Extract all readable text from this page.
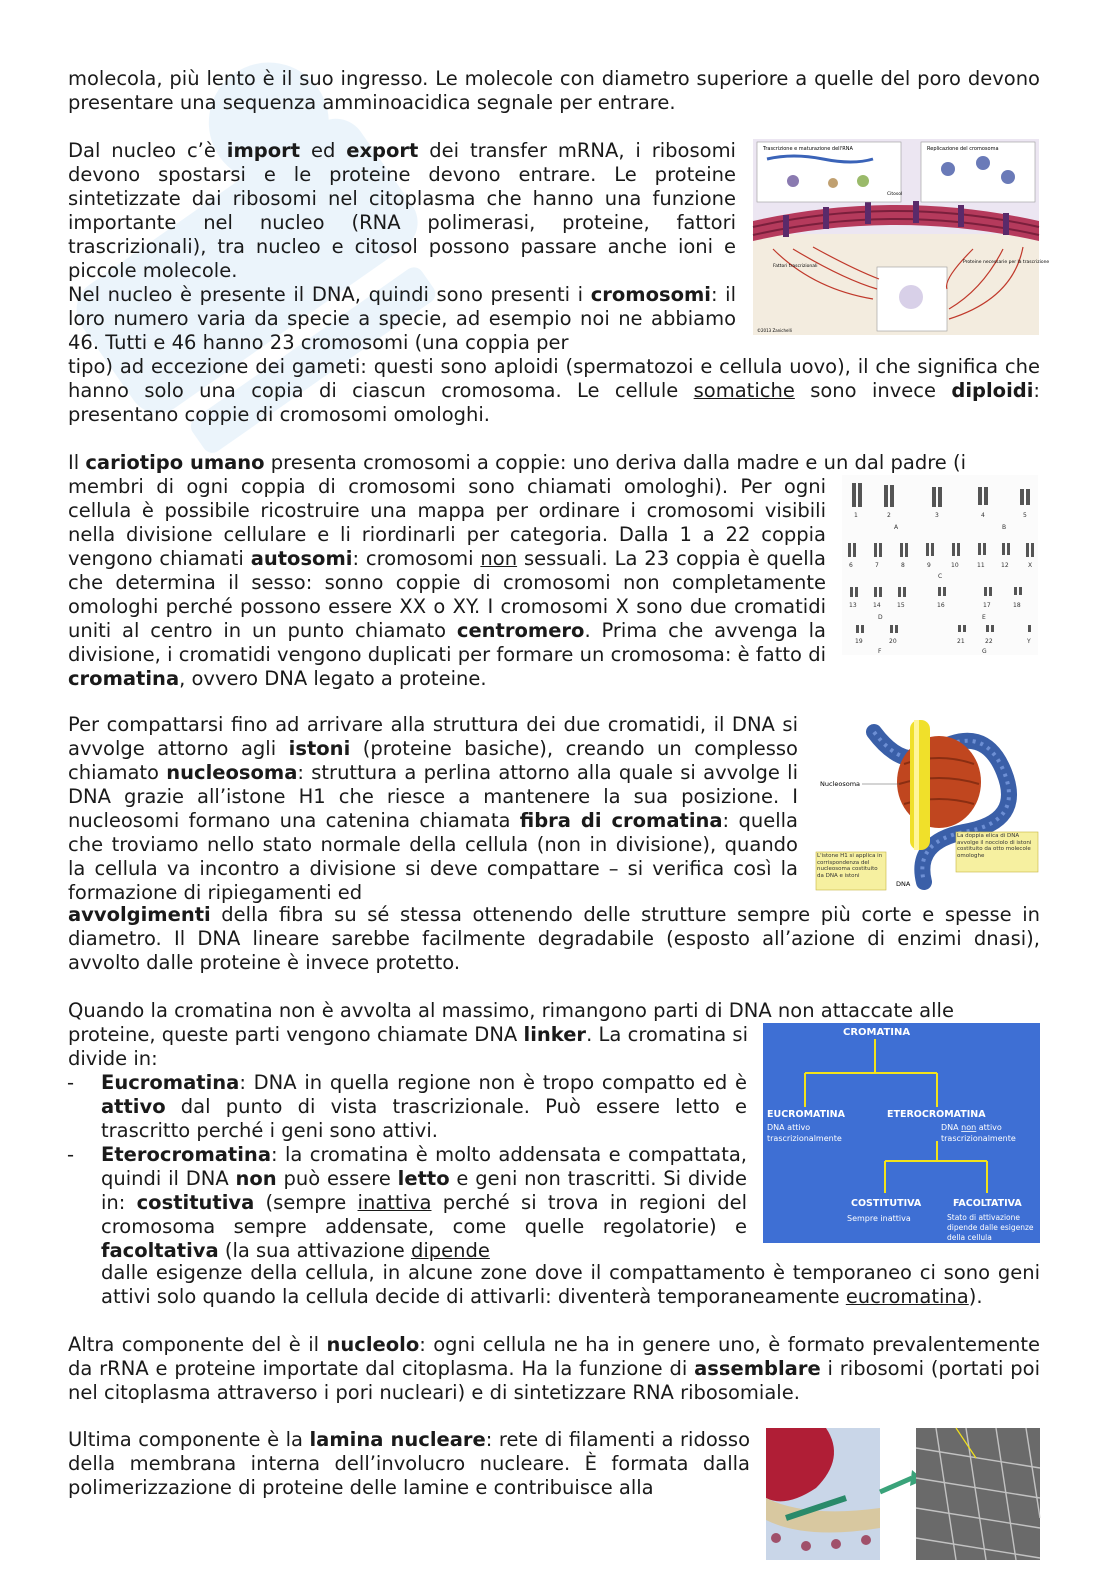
molecola, più lento è il suo ingresso. Le molecole con diametro superiore a quelle del poro devono presentare una sequenza amminoacidica segnale per entrare.

Dal nucleo c’è import ed export dei transfer mRNA, i ribosomi devono spostarsi e le proteine devono entrare. Le proteine sintetizzate dai ribosomi nel citoplasma che hanno una funzione importante nel nucleo (RNA polimerasi, proteine, fattori trascrizionali), tra nucleo e citosol possono passare anche ioni e piccole molecole.

Nel nucleo è presente il DNA, quindi sono presenti i cromosomi: il loro numero varia da specie a specie, ad esempio noi ne abbiamo 46. Tutti e 46 hanno 23 cromosomi (una coppia per

tipo) ad eccezione dei gameti: questi sono aploidi (spermatozoi e cellula uovo), il che significa che hanno solo una copia di ciascun cromosoma. Le cellule somatiche sono invece diploidi: presentano coppie di cromosomi omologhi.

Il cariotipo umano presenta cromosomi a coppie: uno deriva dalla madre e un dal padre (i

membri di ogni coppia di cromosomi sono chiamati omologhi). Per ogni cellula è possibile ricostruire una mappa per ordinare i cromosomi visibili nella divisione cellulare e li riordinarli per categoria. Dalla 1 a 22 coppia vengono chiamati autosomi: cromosomi non sessuali. La 23 coppia è quella che determina il sesso: sonno coppie di cromosomi non completamente omologhi perché possono essere XX o XY. I cromosomi X sono due cromatidi uniti al centro in un punto chiamato centromero. Prima che avvenga la divisione, i cromatidi vengono duplicati per formare un cromosoma: è fatto di cromatina, ovvero DNA legato a proteine.

Per compattarsi fino ad arrivare alla struttura dei due cromatidi, il DNA si avvolge attorno agli istoni (proteine basiche), creando un complesso chiamato nucleosoma: struttura a perlina attorno alla quale si avvolge li DNA grazie all’istone H1 che riesce a mantenere la sua posizione. I nucleosomi formano una catenina chiamata fibra di cromatina: quella che troviamo nello stato normale della cellula (non in divisione), quando la cellula va incontro a divisione si deve compattare – si verifica così la formazione di ripiegamenti ed

avvolgimenti della fibra su sé stessa ottenendo delle strutture sempre più corte e spesse in diametro. Il DNA lineare sarebbe facilmente degradabile (esposto all’azione di enzimi dnasi), avvolto dalle proteine è invece protetto.

Quando la cromatina non è avvolta al massimo, rimangono parti di DNA non attaccate alle

proteine, queste parti vengono chiamate DNA linker. La cromatina si divide in:

- Eucromatina: DNA in quella regione non è tropo compatto ed è attivo dal punto di vista trascrizionale. Può essere letto e trascritto perché i geni sono attivi.

- Eterocromatina: la cromatina è molto addensata e compattata, quindi il DNA non può essere letto e geni non trascritti. Si divide in: costitutiva (sempre inattiva perché si trova in regioni del cromosoma sempre addensate, come quelle regolatorie) e facoltativa (la sua attivazione dipende

dalle esigenze della cellula, in alcune zone dove il compattamento è temporaneo ci sono geni attivi solo quando la cellula decide di attivarli: diventerà temporaneamente eucromatina).

Altra componente del è il nucleolo: ogni cellula ne ha in genere uno, è formato prevalentemente da rRNA e proteine importate dal citoplasma. Ha la funzione di assemblare i ribosomi (portati poi nel citoplasma attraverso i pori nucleari) e di sintetizzare RNA ribosomiale.

Ultima componente è la lamina nucleare: rete di filamenti a ridosso della membrana interna dell’involucro nucleare. È formata dalla polimerizzazione di proteine delle lamine e contribuisce alla

Trascrizione e maturazione dell'RNA	Replicazione del cromosoma
Fattori trascrizionali
Proteine necessarie per la trascrizione
Citosol
©2013 Zanichelli
1	2	3	4	5
A	B
6	7	8	9	10	11	12	X
C
13	14	15	16	17	18
D	E
19	20	21	22	Y
F	G
Nucleosoma
L'istone H1 si applica in corrispondenza del nucleosoma costituito da DNA e istoni
La doppia elica di DNA avvolge il nocciolo di istoni costituito da otto molecole omologhe
DNA
CROMATINA
EUCROMATINA
DNA attivo trascrizionalmente
ETEROCROMATINA
DNA non attivo trascrizionalmente
COSTITUTIVA
Sempre inattiva
FACOLTATIVA
Stato di attivazione dipende dalle esigenze della cellula
